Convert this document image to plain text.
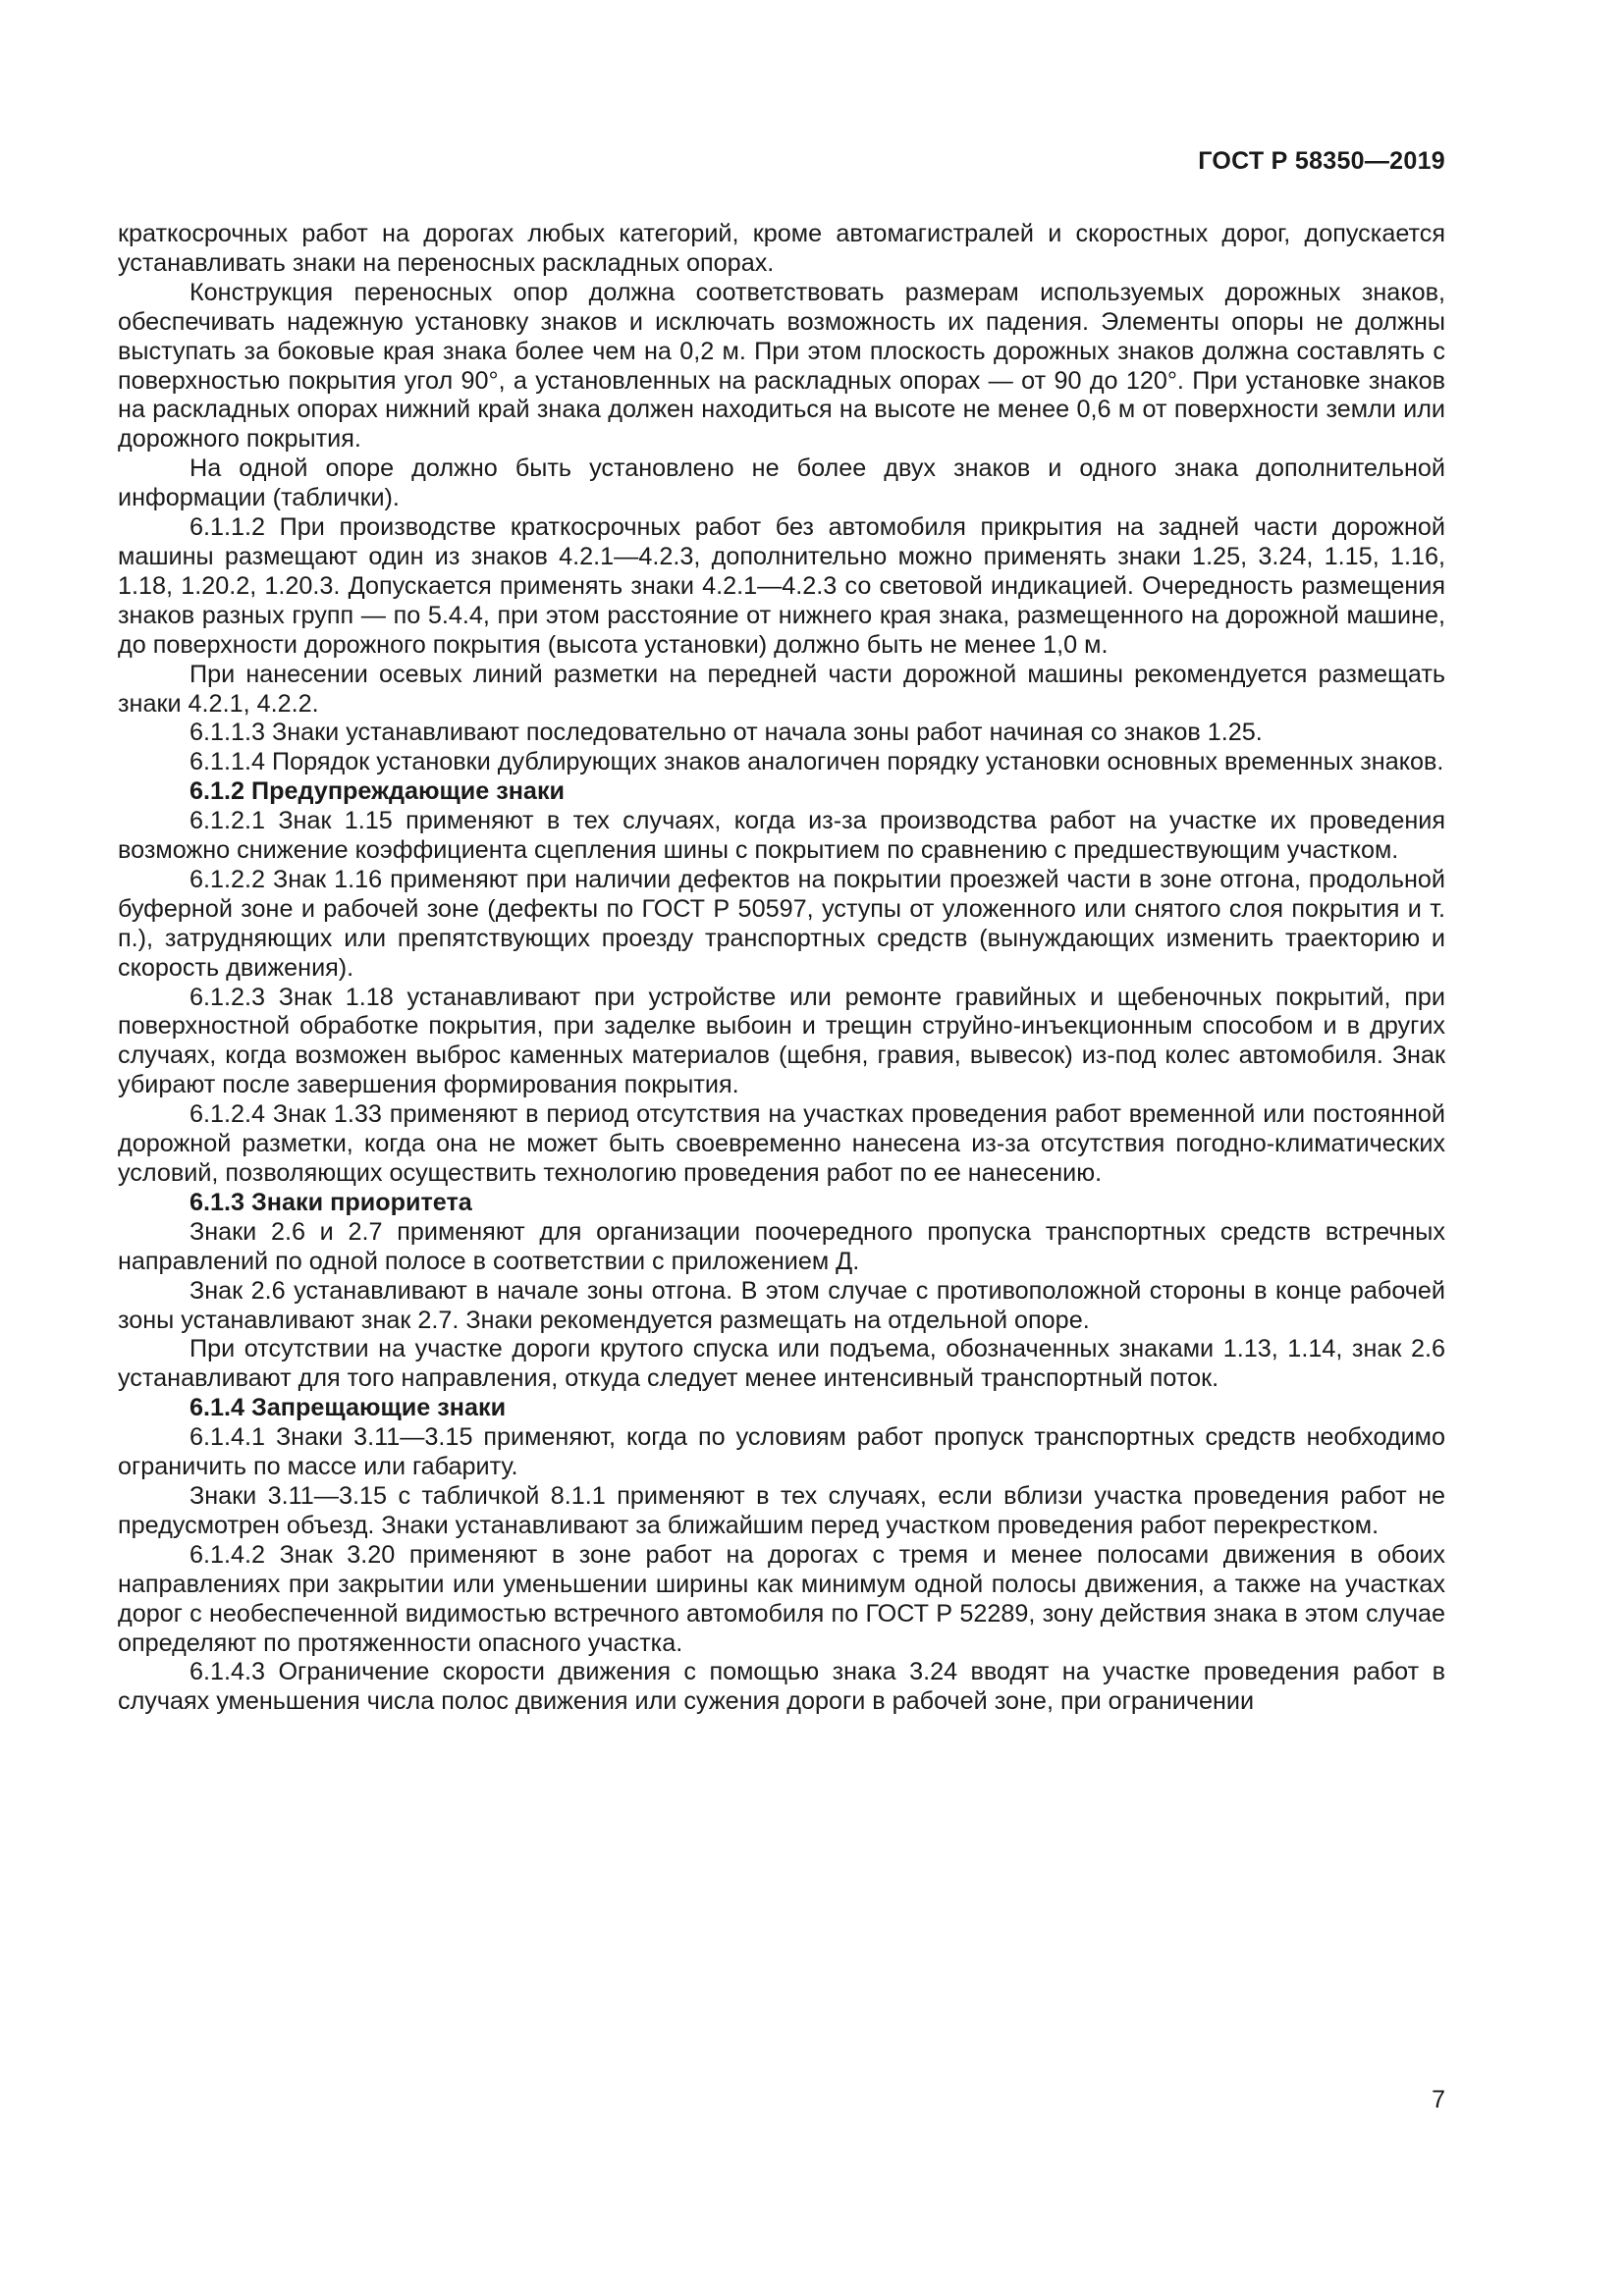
ГОСТ Р 58350—2019

краткосрочных работ на дорогах любых категорий, кроме автомагистралей и скоростных дорог, допускается устанавливать знаки на переносных раскладных опорах.

Конструкция переносных опор должна соответствовать размерам используемых дорожных знаков, обеспечивать надежную установку знаков и исключать возможность их падения. Элементы опоры не должны выступать за боковые края знака более чем на 0,2 м. При этом плоскость дорожных знаков должна составлять с поверхностью покрытия угол 90°, а установленных на раскладных опорах — от 90 до 120°. При установке знаков на раскладных опорах нижний край знака должен находиться на высоте не менее 0,6 м от поверхности земли или дорожного покрытия.

На одной опоре должно быть установлено не более двух знаков и одного знака дополнительной информации (таблички).

6.1.1.2 При производстве краткосрочных работ без автомобиля прикрытия на задней части дорожной машины размещают один из знаков 4.2.1—4.2.3, дополнительно можно применять знаки 1.25, 3.24, 1.15, 1.16, 1.18, 1.20.2, 1.20.3. Допускается применять знаки 4.2.1—4.2.3 со световой индикацией. Очередность размещения знаков разных групп — по 5.4.4, при этом расстояние от нижнего края знака, размещенного на дорожной машине, до поверхности дорожного покрытия (высота установки) должно быть не менее 1,0 м.

При нанесении осевых линий разметки на передней части дорожной машины рекомендуется размещать знаки 4.2.1, 4.2.2.

6.1.1.3 Знаки устанавливают последовательно от начала зоны работ начиная со знаков 1.25.

6.1.1.4 Порядок установки дублирующих знаков аналогичен порядку установки основных временных знаков.

6.1.2 Предупреждающие знаки

6.1.2.1 Знак 1.15 применяют в тех случаях, когда из-за производства работ на участке их проведения возможно снижение коэффициента сцепления шины с покрытием по сравнению с предшествующим участком.

6.1.2.2 Знак 1.16 применяют при наличии дефектов на покрытии проезжей части в зоне отгона, продольной буферной зоне и рабочей зоне (дефекты по ГОСТ Р 50597, уступы от уложенного или снятого слоя покрытия и т. п.), затрудняющих или препятствующих проезду транспортных средств (вынуждающих изменить траекторию и скорость движения).

6.1.2.3 Знак 1.18 устанавливают при устройстве или ремонте гравийных и щебеночных покрытий, при поверхностной обработке покрытия, при заделке выбоин и трещин струйно-инъекционным способом и в других случаях, когда возможен выброс каменных материалов (щебня, гравия, вывесок) из-под колес автомобиля. Знак убирают после завершения формирования покрытия.

6.1.2.4 Знак 1.33 применяют в период отсутствия на участках проведения работ временной или постоянной дорожной разметки, когда она не может быть своевременно нанесена из-за отсутствия погодно-климатических условий, позволяющих осуществить технологию проведения работ по ее нанесению.

6.1.3 Знаки приоритета

Знаки 2.6 и 2.7 применяют для организации поочередного пропуска транспортных средств встречных направлений по одной полосе в соответствии с приложением Д.

Знак 2.6 устанавливают в начале зоны отгона. В этом случае с противоположной стороны в конце рабочей зоны устанавливают знак 2.7. Знаки рекомендуется размещать на отдельной опоре.

При отсутствии на участке дороги крутого спуска или подъема, обозначенных знаками 1.13, 1.14, знак 2.6 устанавливают для того направления, откуда следует менее интенсивный транспортный поток.

6.1.4 Запрещающие знаки

6.1.4.1 Знаки 3.11—3.15 применяют, когда по условиям работ пропуск транспортных средств необходимо ограничить по массе или габариту.

Знаки 3.11—3.15 с табличкой 8.1.1 применяют в тех случаях, если вблизи участка проведения работ не предусмотрен объезд. Знаки устанавливают за ближайшим перед участком проведения работ перекрестком.

6.1.4.2 Знак 3.20 применяют в зоне работ на дорогах с тремя и менее полосами движения в обоих направлениях при закрытии или уменьшении ширины как минимум одной полосы движения, а также на участках дорог с необеспеченной видимостью встречного автомобиля по ГОСТ Р 52289, зону действия знака в этом случае определяют по протяженности опасного участка.

6.1.4.3 Ограничение скорости движения с помощью знака 3.24 вводят на участке проведения работ в случаях уменьшения числа полос движения или сужения дороги в рабочей зоне, при ограничении

7
